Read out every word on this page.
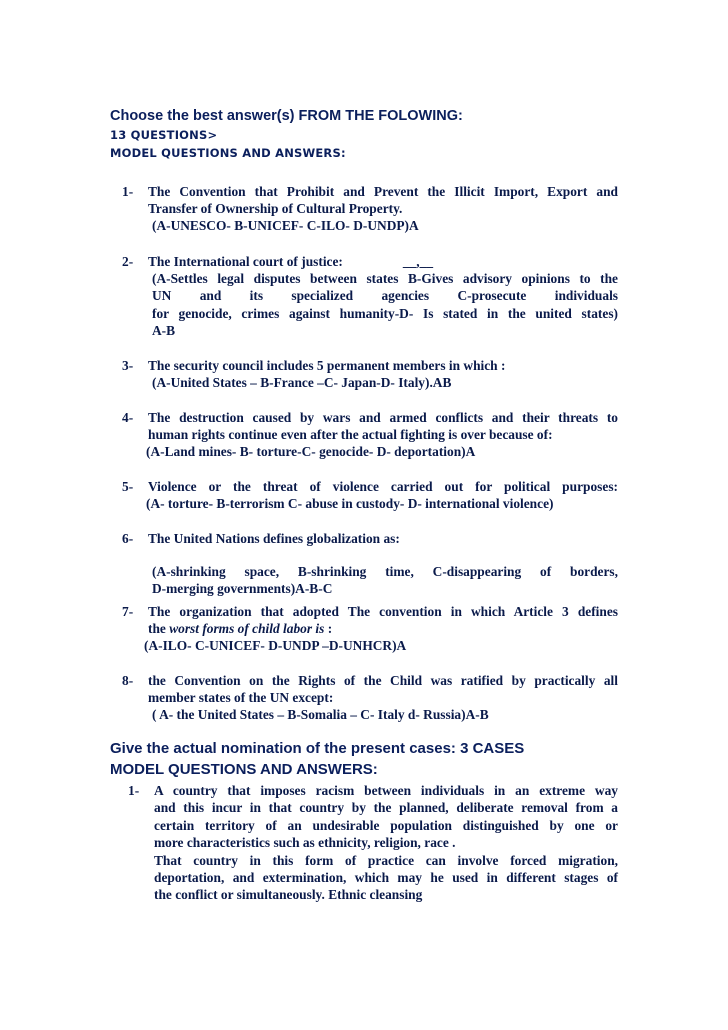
Choose the best answer(s) FROM THE FOLOWING:
13 QUESTIONS>
MODEL QUESTIONS AND ANSWERS:
1- The Convention that Prohibit and Prevent the Illicit Import, Export and
Transfer of Ownership of Cultural Property.
(A-UNESCO- B-UNICEF- C-ILO- D-UNDP)A
2- The International court of justice:	__,__
(A-Settles legal disputes between states B-Gives advisory opinions to the
UN and its specialized agencies C-prosecute individuals
for genocide, crimes against humanity-D- Is stated in the united states)
A-B
3- The security council includes 5 permanent members in which :
(A-United States – B-France –C- Japan-D- Italy).AB
4- The destruction caused by wars and armed conflicts and their threats to
human rights continue even after the actual fighting is over because of:
(A-Land mines- B- torture-C- genocide- D- deportation)A
5- Violence or the threat of violence carried out for political purposes:
(A- torture- B-terrorism C- abuse in custody- D- international violence)
6- The United Nations defines globalization as:
(A-shrinking space, B-shrinking time, C-disappearing of borders,
D-merging governments)A-B-C
7- The organization that adopted The convention in which Article 3 defines
the worst forms of child labor is :
(A-ILO- C-UNICEF- D-UNDP –D-UNHCR)A
8- the Convention on the Rights of the Child was ratified by practically all
member states of the UN except:
( A- the United States – B-Somalia – C- Italy d- Russia)A-B
Give the actual nomination of the present cases: 3 CASES
MODEL QUESTIONS AND ANSWERS:
1- A country that imposes racism between individuals in an extreme way
and this incur in that country by the planned, deliberate removal from a
certain territory of an undesirable population distinguished by one or
more characteristics such as ethnicity, religion, race .
That country in this form of practice can involve forced migration,
deportation, and extermination, which may he used in different stages of
the conflict or simultaneously. Ethnic cleansing
